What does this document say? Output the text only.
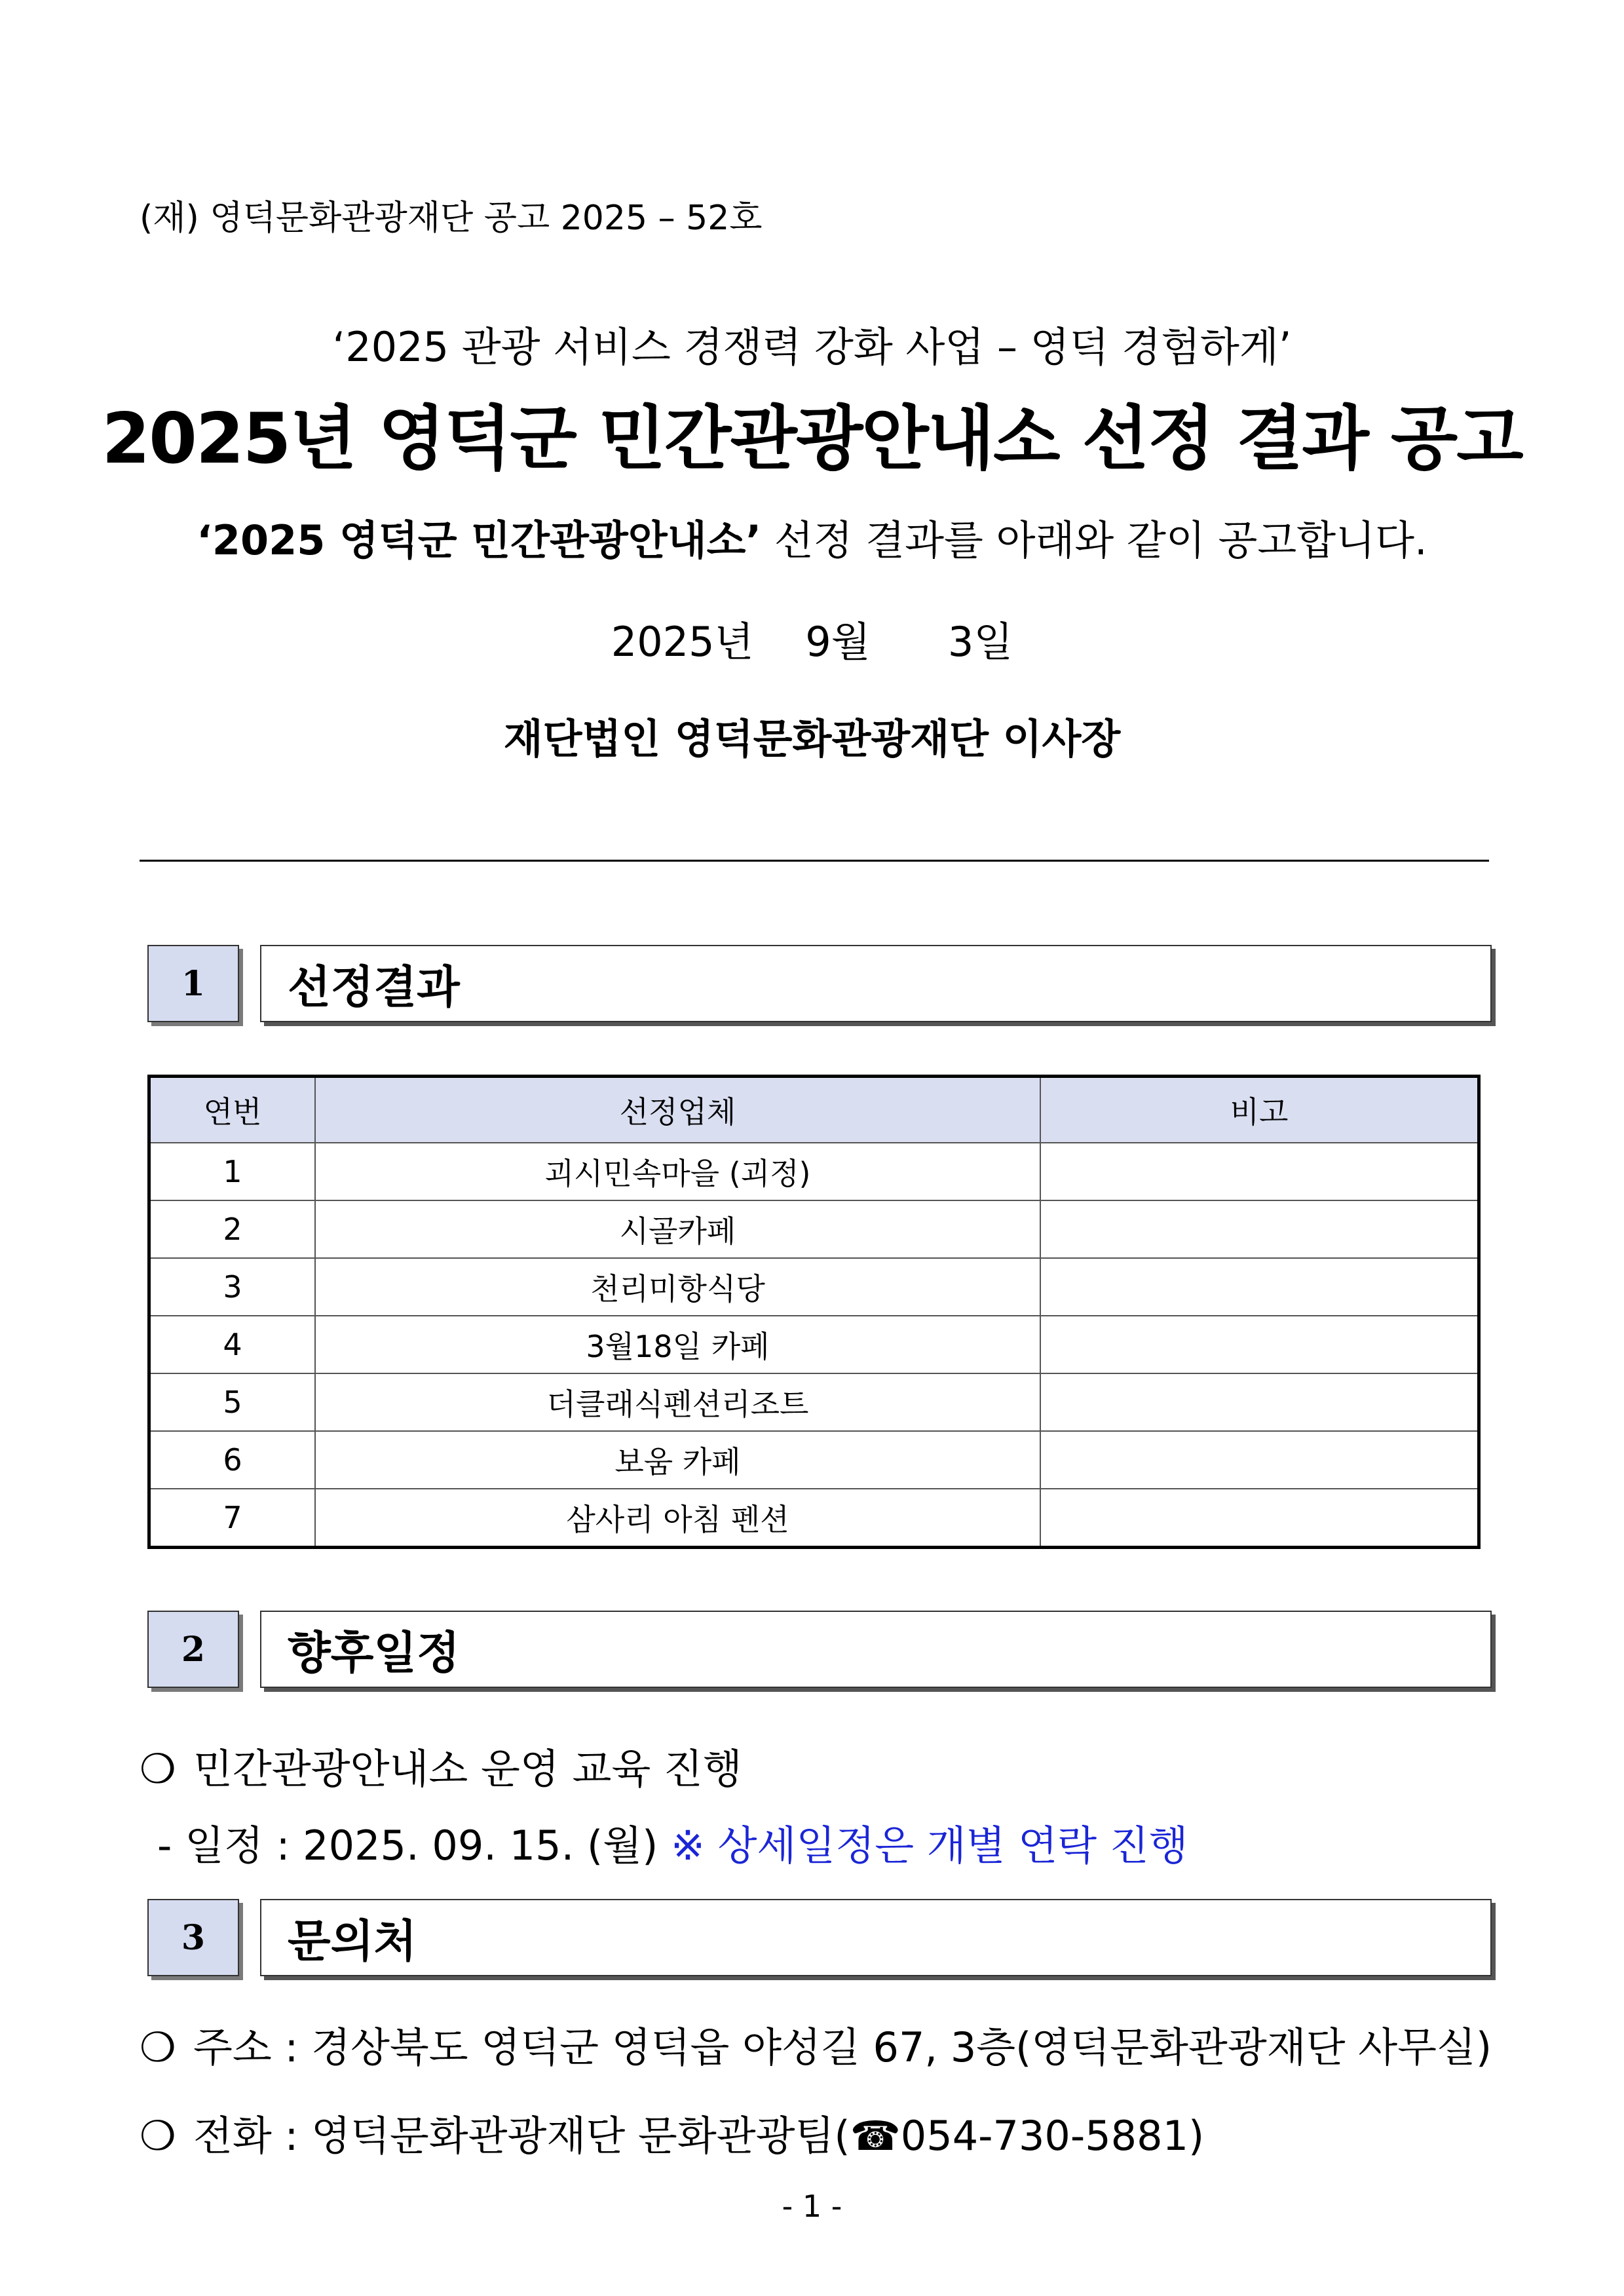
(재) 영덕문화관광재단 공고 2025 – 52호
‘2025 관광 서비스 경쟁력 강화 사업 – 영덕 경험하게’
2025년 영덕군 민간관광안내소 선정 결과 공고
‘2025 영덕군 민간관광안내소’ 선정 결과를 아래와 같이 공고합니다.
2025년 9월 3일
재단법인 영덕문화관광재단 이사장
1	선정결과
연번	선정업체	비고
1	괴시민속마을 (괴정)	
2	시골카페	
3	천리미항식당	
4	3월18일 카페	
5	더클래식펜션리조트	
6	보움 카페	
7	삼사리 아침 펜션	
2	향후일정
❍ 민간관광안내소 운영 교육 진행
- 일정 : 2025. 09. 15. (월) ※ 상세일정은 개별 연락 진행
3	문의처
❍ 주소 : 경상북도 영덕군 영덕읍 야성길 67, 3층(영덕문화관광재단 사무실)
❍ 전화 : 영덕문화관광재단 문화관광팀(☎054-730-5881)
- 1 -
